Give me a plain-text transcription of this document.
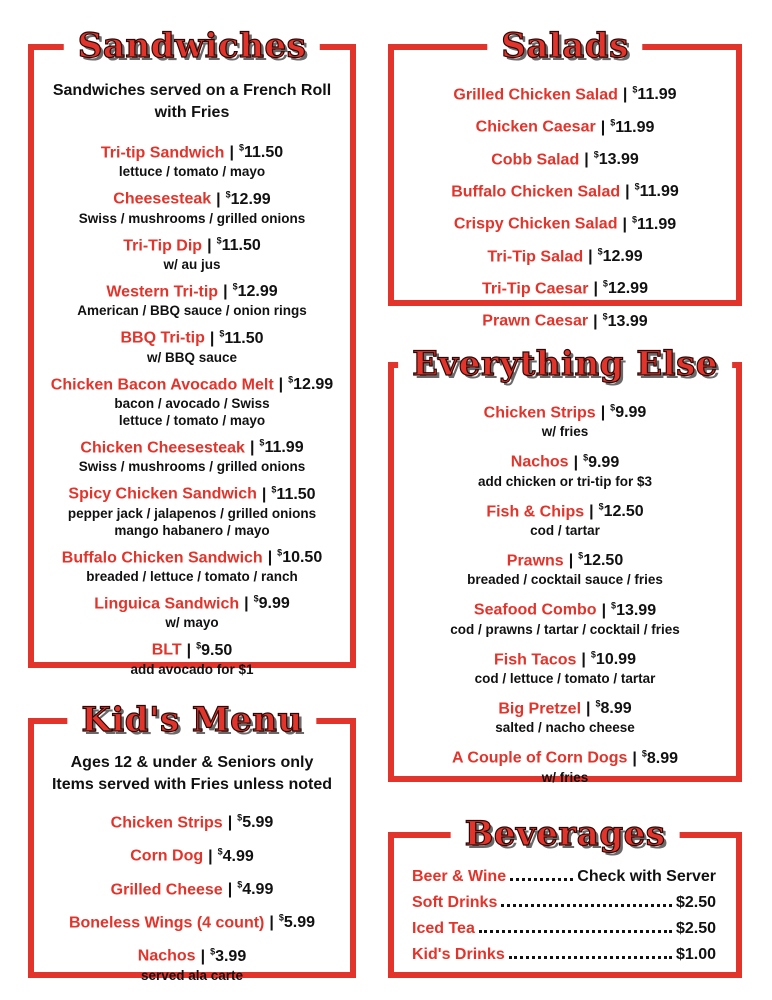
Sandwiches
Sandwiches served on a French Roll
with Fries
Tri-tip Sandwich | $11.50
lettuce / tomato / mayo
Cheesesteak | $12.99
Swiss / mushrooms / grilled onions
Tri-Tip Dip | $11.50
w/ au jus
Western Tri-tip | $12.99
American / BBQ sauce / onion rings
BBQ Tri-tip | $11.50
w/ BBQ sauce
Chicken Bacon Avocado Melt | $12.99
bacon / avocado / Swiss
lettuce / tomato / mayo
Chicken Cheesesteak | $11.99
Swiss / mushrooms / grilled onions
Spicy Chicken Sandwich | $11.50
pepper jack / jalapenos / grilled onions
mango habanero / mayo
Buffalo Chicken Sandwich | $10.50
breaded / lettuce / tomato / ranch
Linguica Sandwich | $9.99
w/ mayo
BLT | $9.50
add avocado for $1
Salads
Grilled Chicken Salad | $11.99
Chicken Caesar | $11.99
Cobb Salad | $13.99
Buffalo Chicken Salad | $11.99
Crispy Chicken Salad | $11.99
Tri-Tip Salad | $12.99
Tri-Tip Caesar | $12.99
Prawn Caesar | $13.99
Everything Else
Chicken Strips | $9.99
w/ fries
Nachos | $9.99
add chicken or tri-tip for $3
Fish & Chips | $12.50
cod / tartar
Prawns | $12.50
breaded / cocktail sauce / fries
Seafood Combo | $13.99
cod / prawns / tartar / cocktail / fries
Fish Tacos | $10.99
cod / lettuce / tomato / tartar
Big Pretzel | $8.99
salted / nacho cheese
A Couple of Corn Dogs | $8.99
w/ fries
Kid's Menu
Ages 12 & under & Seniors only
Items served with Fries unless noted
Chicken Strips | $5.99
Corn Dog | $4.99
Grilled Cheese | $4.99
Boneless Wings (4 count) | $5.99
Nachos | $3.99
served ala carte
Beverages
Beer & Wine	Check with Server
Soft Drinks	$2.50
Iced Tea	$2.50
Kid's Drinks	$1.00
